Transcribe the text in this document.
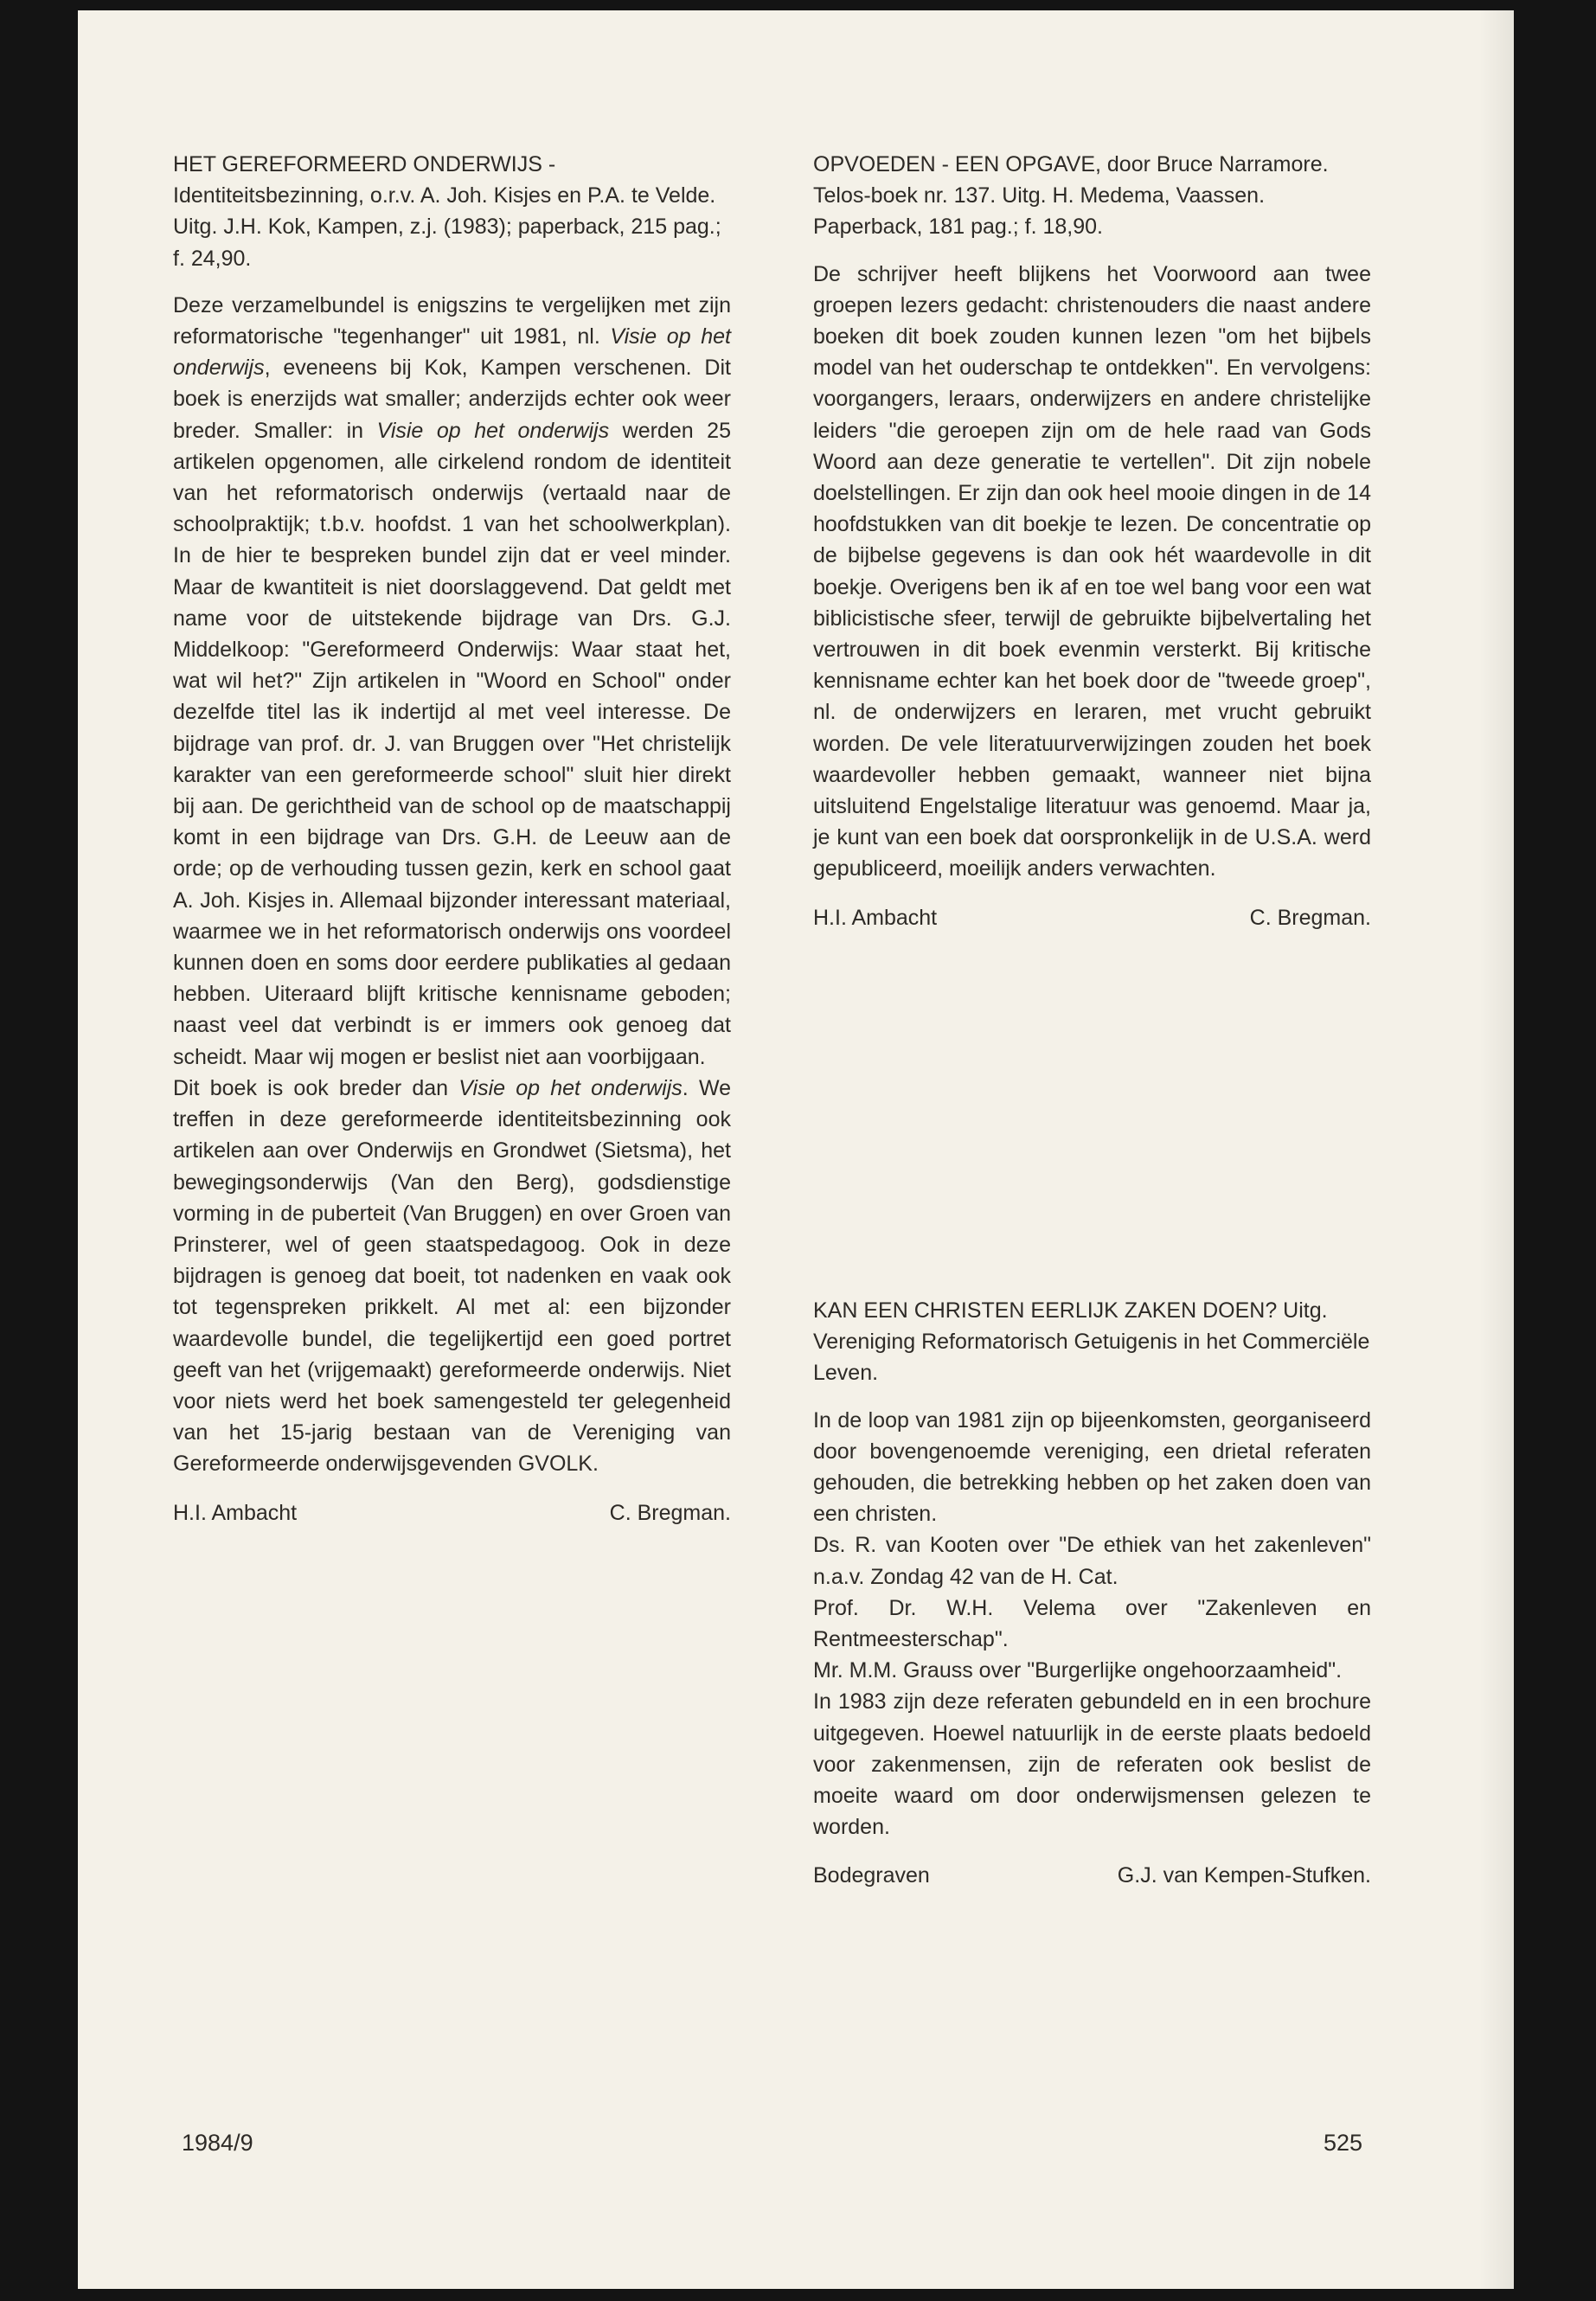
HET GEREFORMEERD ONDERWIJS - Identiteitsbezinning, o.r.v. A. Joh. Kisjes en P.A. te Velde. Uitg. J.H. Kok, Kampen, z.j. (1983); paperback, 215 pag.; f. 24,90.

Deze verzamelbundel is enigszins te vergelijken met zijn reformatorische "tegenhanger" uit 1981, nl. Visie op het onderwijs, eveneens bij Kok, Kampen verschenen. Dit boek is enerzijds wat smaller; anderzijds echter ook weer breder. Smaller: in Visie op het onderwijs werden 25 artikelen opgenomen, alle cirkelend rondom de identiteit van het reformatorisch onderwijs (vertaald naar de schoolpraktijk; t.b.v. hoofdst. 1 van het schoolwerkplan). In de hier te bespreken bundel zijn dat er veel minder. Maar de kwantiteit is niet doorslaggevend. Dat geldt met name voor de uitstekende bijdrage van Drs. G.J. Middelkoop: "Gereformeerd Onderwijs: Waar staat het, wat wil het?" Zijn artikelen in "Woord en School" onder dezelfde titel las ik indertijd al met veel interesse. De bijdrage van prof. dr. J. van Bruggen over "Het christelijk karakter van een gereformeerde school" sluit hier direkt bij aan. De gerichtheid van de school op de maatschappij komt in een bijdrage van Drs. G.H. de Leeuw aan de orde; op de verhouding tussen gezin, kerk en school gaat A. Joh. Kisjes in. Allemaal bijzonder interessant materiaal, waarmee we in het reformatorisch onderwijs ons voordeel kunnen doen en soms door eerdere publikaties al gedaan hebben. Uiteraard blijft kritische kennisname geboden; naast veel dat verbindt is er immers ook genoeg dat scheidt. Maar wij mogen er beslist niet aan voorbijgaan.

Dit boek is ook breder dan Visie op het onderwijs. We treffen in deze gereformeerde identiteitsbezinning ook artikelen aan over Onderwijs en Grondwet (Sietsma), het bewegingsonderwijs (Van den Berg), godsdienstige vorming in de puberteit (Van Bruggen) en over Groen van Prinsterer, wel of geen staatspedagoog. Ook in deze bijdragen is genoeg dat boeit, tot nadenken en vaak ook tot tegenspreken prikkelt. Al met al: een bijzonder waardevolle bundel, die tegelijkertijd een goed portret geeft van het (vrijgemaakt) gereformeerde onderwijs. Niet voor niets werd het boek samengesteld ter gelegenheid van het 15-jarig bestaan van de Vereniging van Gereformeerde onderwijsgevenden GVOLK.

H.I. Ambacht	C. Bregman.

OPVOEDEN - EEN OPGAVE, door Bruce Narramore. Telos-boek nr. 137. Uitg. H. Medema, Vaassen. Paperback, 181 pag.; f. 18,90.

De schrijver heeft blijkens het Voorwoord aan twee groepen lezers gedacht: christenouders die naast andere boeken dit boek zouden kunnen lezen "om het bijbels model van het ouderschap te ontdekken". En vervolgens: voorgangers, leraars, onderwijzers en andere christelijke leiders "die geroepen zijn om de hele raad van Gods Woord aan deze generatie te vertellen". Dit zijn nobele doelstellingen. Er zijn dan ook heel mooie dingen in de 14 hoofdstukken van dit boekje te lezen. De concentratie op de bijbelse gegevens is dan ook hét waardevolle in dit boekje. Overigens ben ik af en toe wel bang voor een wat biblicistische sfeer, terwijl de gebruikte bijbelvertaling het vertrouwen in dit boek evenmin versterkt. Bij kritische kennisname echter kan het boek door de "tweede groep", nl. de onderwijzers en leraren, met vrucht gebruikt worden. De vele literatuurverwijzingen zouden het boek waardevoller hebben gemaakt, wanneer niet bijna uitsluitend Engelstalige literatuur was genoemd. Maar ja, je kunt van een boek dat oorspronkelijk in de U.S.A. werd gepubliceerd, moeilijk anders verwachten.

H.I. Ambacht	C. Bregman.

KAN EEN CHRISTEN EERLIJK ZAKEN DOEN? Uitg. Vereniging Reformatorisch Getuigenis in het Commerciële Leven.

In de loop van 1981 zijn op bijeenkomsten, georganiseerd door bovengenoemde vereniging, een drietal referaten gehouden, die betrekking hebben op het zaken doen van een christen.

Ds. R. van Kooten over "De ethiek van het zakenleven" n.a.v. Zondag 42 van de H. Cat.

Prof. Dr. W.H. Velema over "Zakenleven en Rentmeesterschap".

Mr. M.M. Grauss over "Burgerlijke ongehoorzaamheid".

In 1983 zijn deze referaten gebundeld en in een brochure uitgegeven. Hoewel natuurlijk in de eerste plaats bedoeld voor zakenmensen, zijn de referaten ook beslist de moeite waard om door onderwijsmensen gelezen te worden.

Bodegraven	G.J. van Kempen-Stufken.
1984/9	525
